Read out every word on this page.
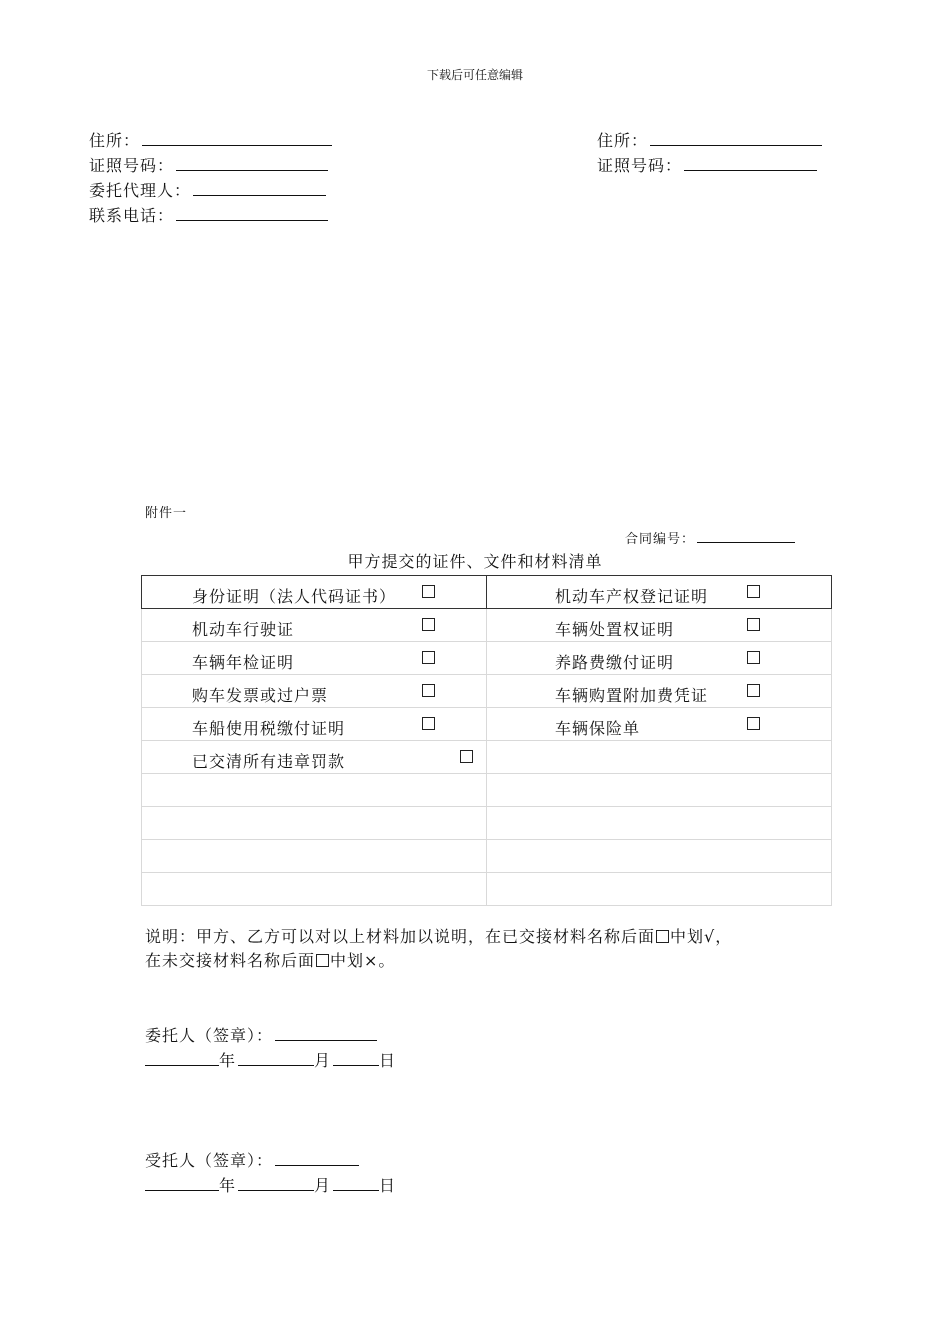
下载后可任意编辑
住所：
证照号码：
委托代理人：
联系电话：
住所：
证照号码：
附件一
合同编号：
甲方提交的证件、文件和材料清单
身份证明（法人代码证书）	机动车产权登记证明

机动车行驶证	车辆处置权证明

车辆年检证明	养路费缴付证明

购车发票或过户票	车辆购置附加费凭证

车船使用税缴付证明	车辆保险单

已交清所有违章罚款	

说明：甲方、乙方可以对以上材料加以说明，在已交接材料名称后面 中划√，
在未交接材料名称后面 中划×。
委托人（签章）：
年	月	日
受托人（签章）：
年	月	日
